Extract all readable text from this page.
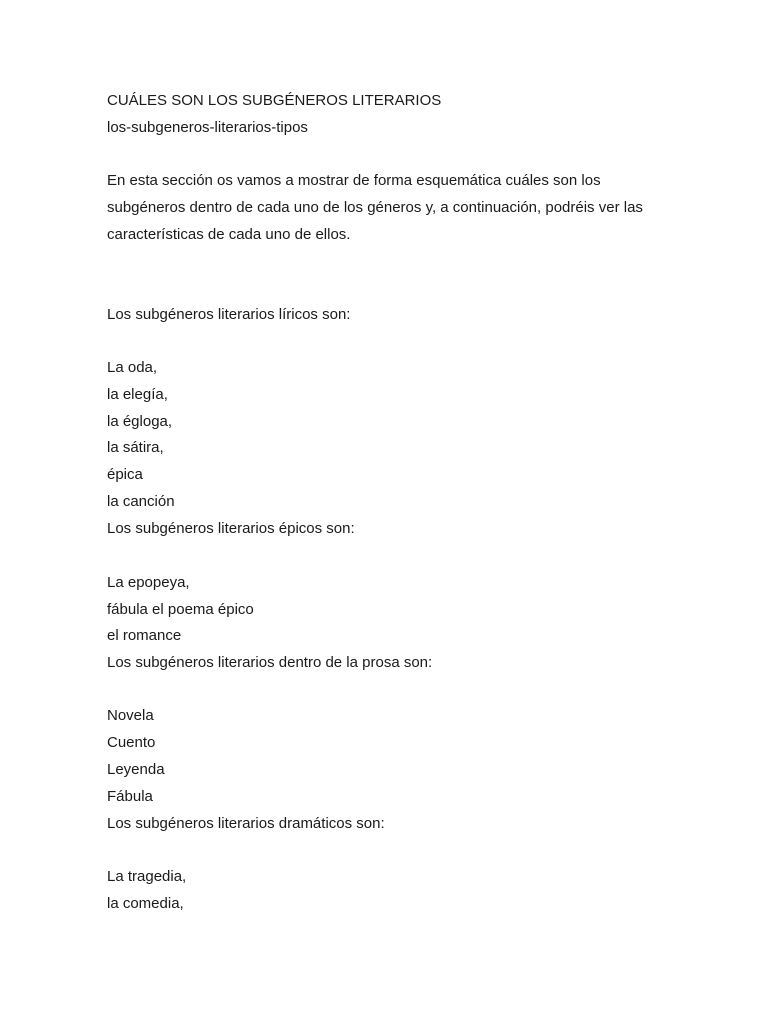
CUÁLES SON LOS SUBGÉNEROS LITERARIOS
los-subgeneros-literarios-tipos
En esta sección os vamos a mostrar de forma esquemática cuáles son los
subgéneros dentro de cada uno de los géneros y, a continuación, podréis ver las
características de cada uno de ellos.
Los subgéneros literarios líricos son:
La oda,
la elegía,
la égloga,
la sátira,
épica
la canción
Los subgéneros literarios épicos son:
La epopeya,
fábula el poema épico
el romance
Los subgéneros literarios dentro de la prosa son:
Novela
Cuento
Leyenda
Fábula
Los subgéneros literarios dramáticos son:
La tragedia,
la comedia,
